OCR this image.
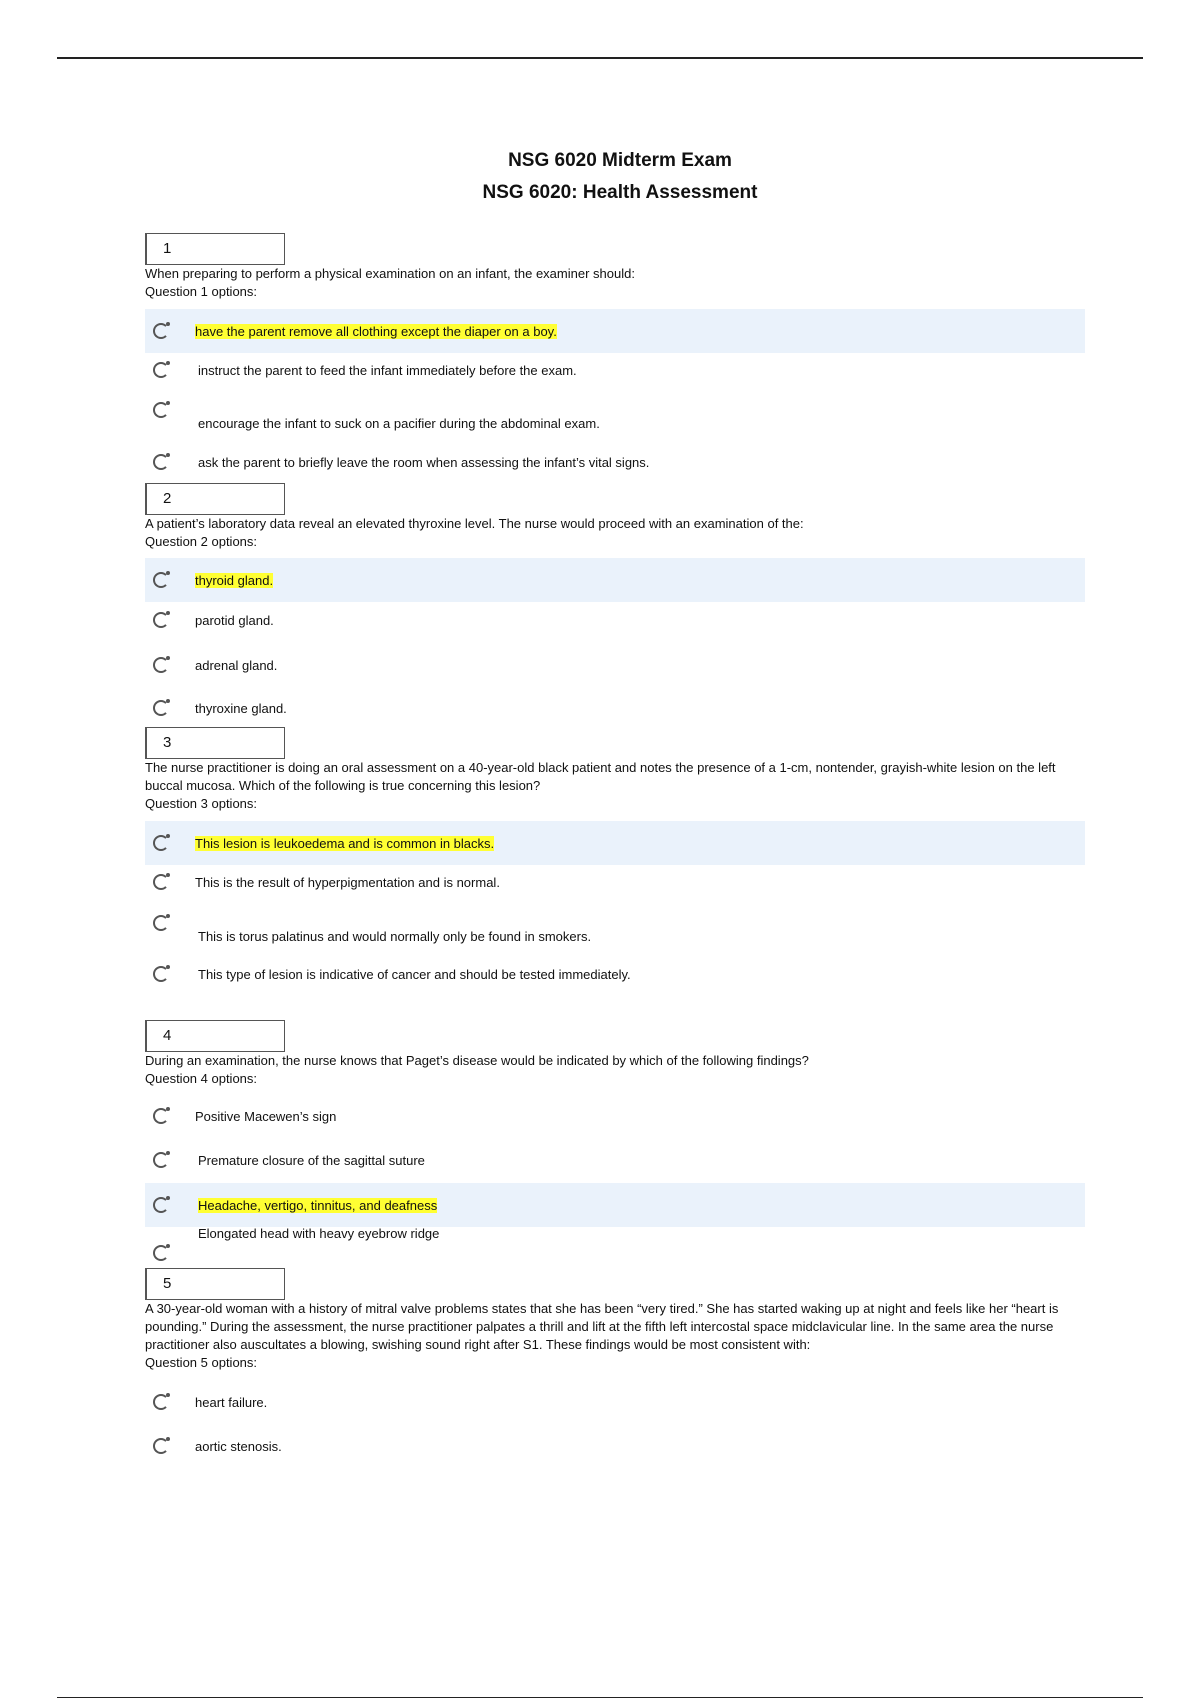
NSG 6020 Midterm Exam
NSG 6020: Health Assessment
1
When preparing to perform a physical examination on an infant, the examiner should:
Question 1 options:
have the parent remove all clothing except the diaper on a boy.
instruct the parent to feed the infant immediately before the exam.
encourage the infant to suck on a pacifier during the abdominal exam.
ask the parent to briefly leave the room when assessing the infant’s vital signs.
2
A patient’s laboratory data reveal an elevated thyroxine level. The nurse would proceed with an examination of the:
Question 2 options:
thyroid gland.
parotid gland.
adrenal gland.
thyroxine gland.
3
The nurse practitioner is doing an oral assessment on a 40-year-old black patient and notes the presence of a 1-cm, nontender, grayish-white lesion on the left buccal mucosa. Which of the following is true concerning this lesion?
Question 3 options:
This lesion is leukoedema and is common in blacks.
This is the result of hyperpigmentation and is normal.
This is torus palatinus and would normally only be found in smokers.
This type of lesion is indicative of cancer and should be tested immediately.
4
During an examination, the nurse knows that Paget’s disease would be indicated by which of the following findings?
Question 4 options:
Positive Macewen’s sign
Premature closure of the sagittal suture
Headache, vertigo, tinnitus, and deafness
Elongated head with heavy eyebrow ridge
5
A 30-year-old woman with a history of mitral valve problems states that she has been “very tired.” She has started waking up at night and feels like her “heart is pounding.” During the assessment, the nurse practitioner palpates a thrill and lift at the fifth left intercostal space midclavicular line. In the same area the nurse practitioner also auscultates a blowing, swishing sound right after S1. These findings would be most consistent with:
Question 5 options:
heart failure.
aortic stenosis.
